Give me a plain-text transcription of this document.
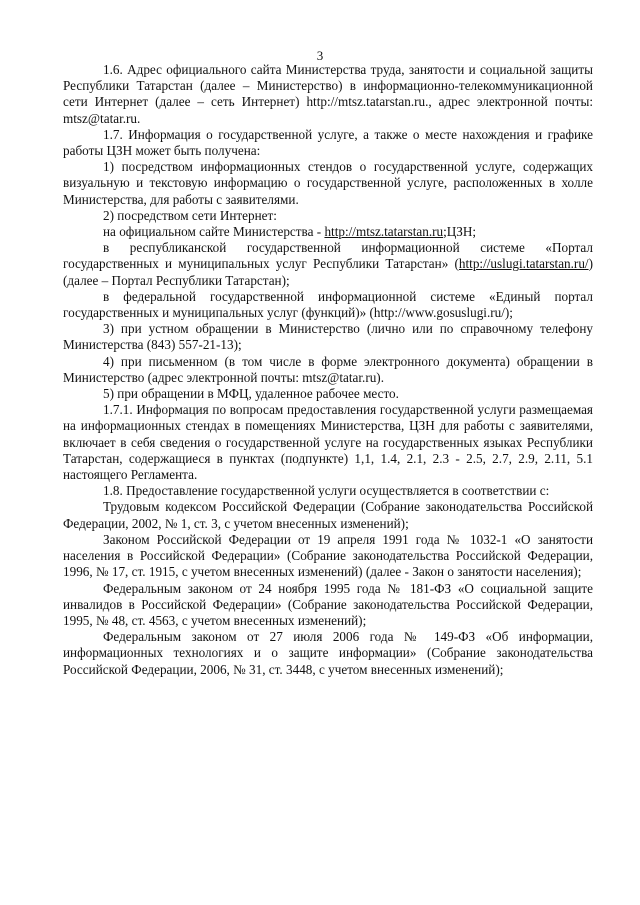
3

1.6. Адрес официального сайта Министерства труда, занятости и социальной защиты Республики Татарстан (далее – Министерство) в информационно-телекоммуникационной сети Интернет (далее – сеть Интернет) http://mtsz.tatarstan.ru., адрес электронной почты: mtsz@tatar.ru.

1.7. Информация о государственной услуге, а также о месте нахождения и графике работы ЦЗН может быть получена:

1) посредством информационных стендов о государственной услуге, содержащих визуальную и текстовую информацию о государственной услуге, расположенных в холле Министерства, для работы с заявителями.

2) посредством сети Интернет:

на официальном сайте Министерства - http://mtsz.tatarstan.ru;ЦЗН;

в республиканской государственной информационной системе «Портал государственных и муниципальных услуг Республики Татарстан» (http://uslugi.tatarstan.ru/) (далее – Портал Республики Татарстан);

в федеральной государственной информационной системе «Единый портал государственных и муниципальных услуг (функций)» (http://www.gosuslugi.ru/);

3) при устном обращении в Министерство (лично или по справочному телефону Министерства (843) 557-21-13);

4) при письменном (в том числе в форме электронного документа) обращении в Министерство (адрес электронной почты: mtsz@tatar.ru).

5) при обращении в МФЦ, удаленное рабочее место.

1.7.1. Информация по вопросам предоставления государственной услуги размещаемая на информационных стендах в помещениях Министерства, ЦЗН для работы с заявителями, включает в себя сведения о государственной услуге на государственных языках Республики Татарстан, содержащиеся в пунктах (подпункте) 1,1, 1.4, 2.1, 2.3 - 2.5, 2.7, 2.9, 2.11, 5.1 настоящего Регламента.

1.8. Предоставление государственной услуги осуществляется в соответствии с:

Трудовым кодексом Российской Федерации (Собрание законодательства Российской Федерации, 2002, № 1, ст. 3, с учетом внесенных изменений);

Законом Российской Федерации от 19 апреля 1991 года № 1032-1 «О занятости населения в Российской Федерации» (Собрание законодательства Российской Федерации, 1996, № 17, ст. 1915, с учетом внесенных изменений) (далее - Закон о занятости населения);

Федеральным законом от 24 ноября 1995 года № 181-ФЗ «О социальной защите инвалидов в Российской Федерации» (Собрание законодательства Российской Федерации, 1995, № 48, ст. 4563, с учетом внесенных изменений);

Федеральным законом от 27 июля 2006 года № 149-ФЗ «Об информации, информационных технологиях и о защите информации» (Собрание законодательства Российской Федерации, 2006, № 31, ст. 3448, с учетом внесенных изменений);
